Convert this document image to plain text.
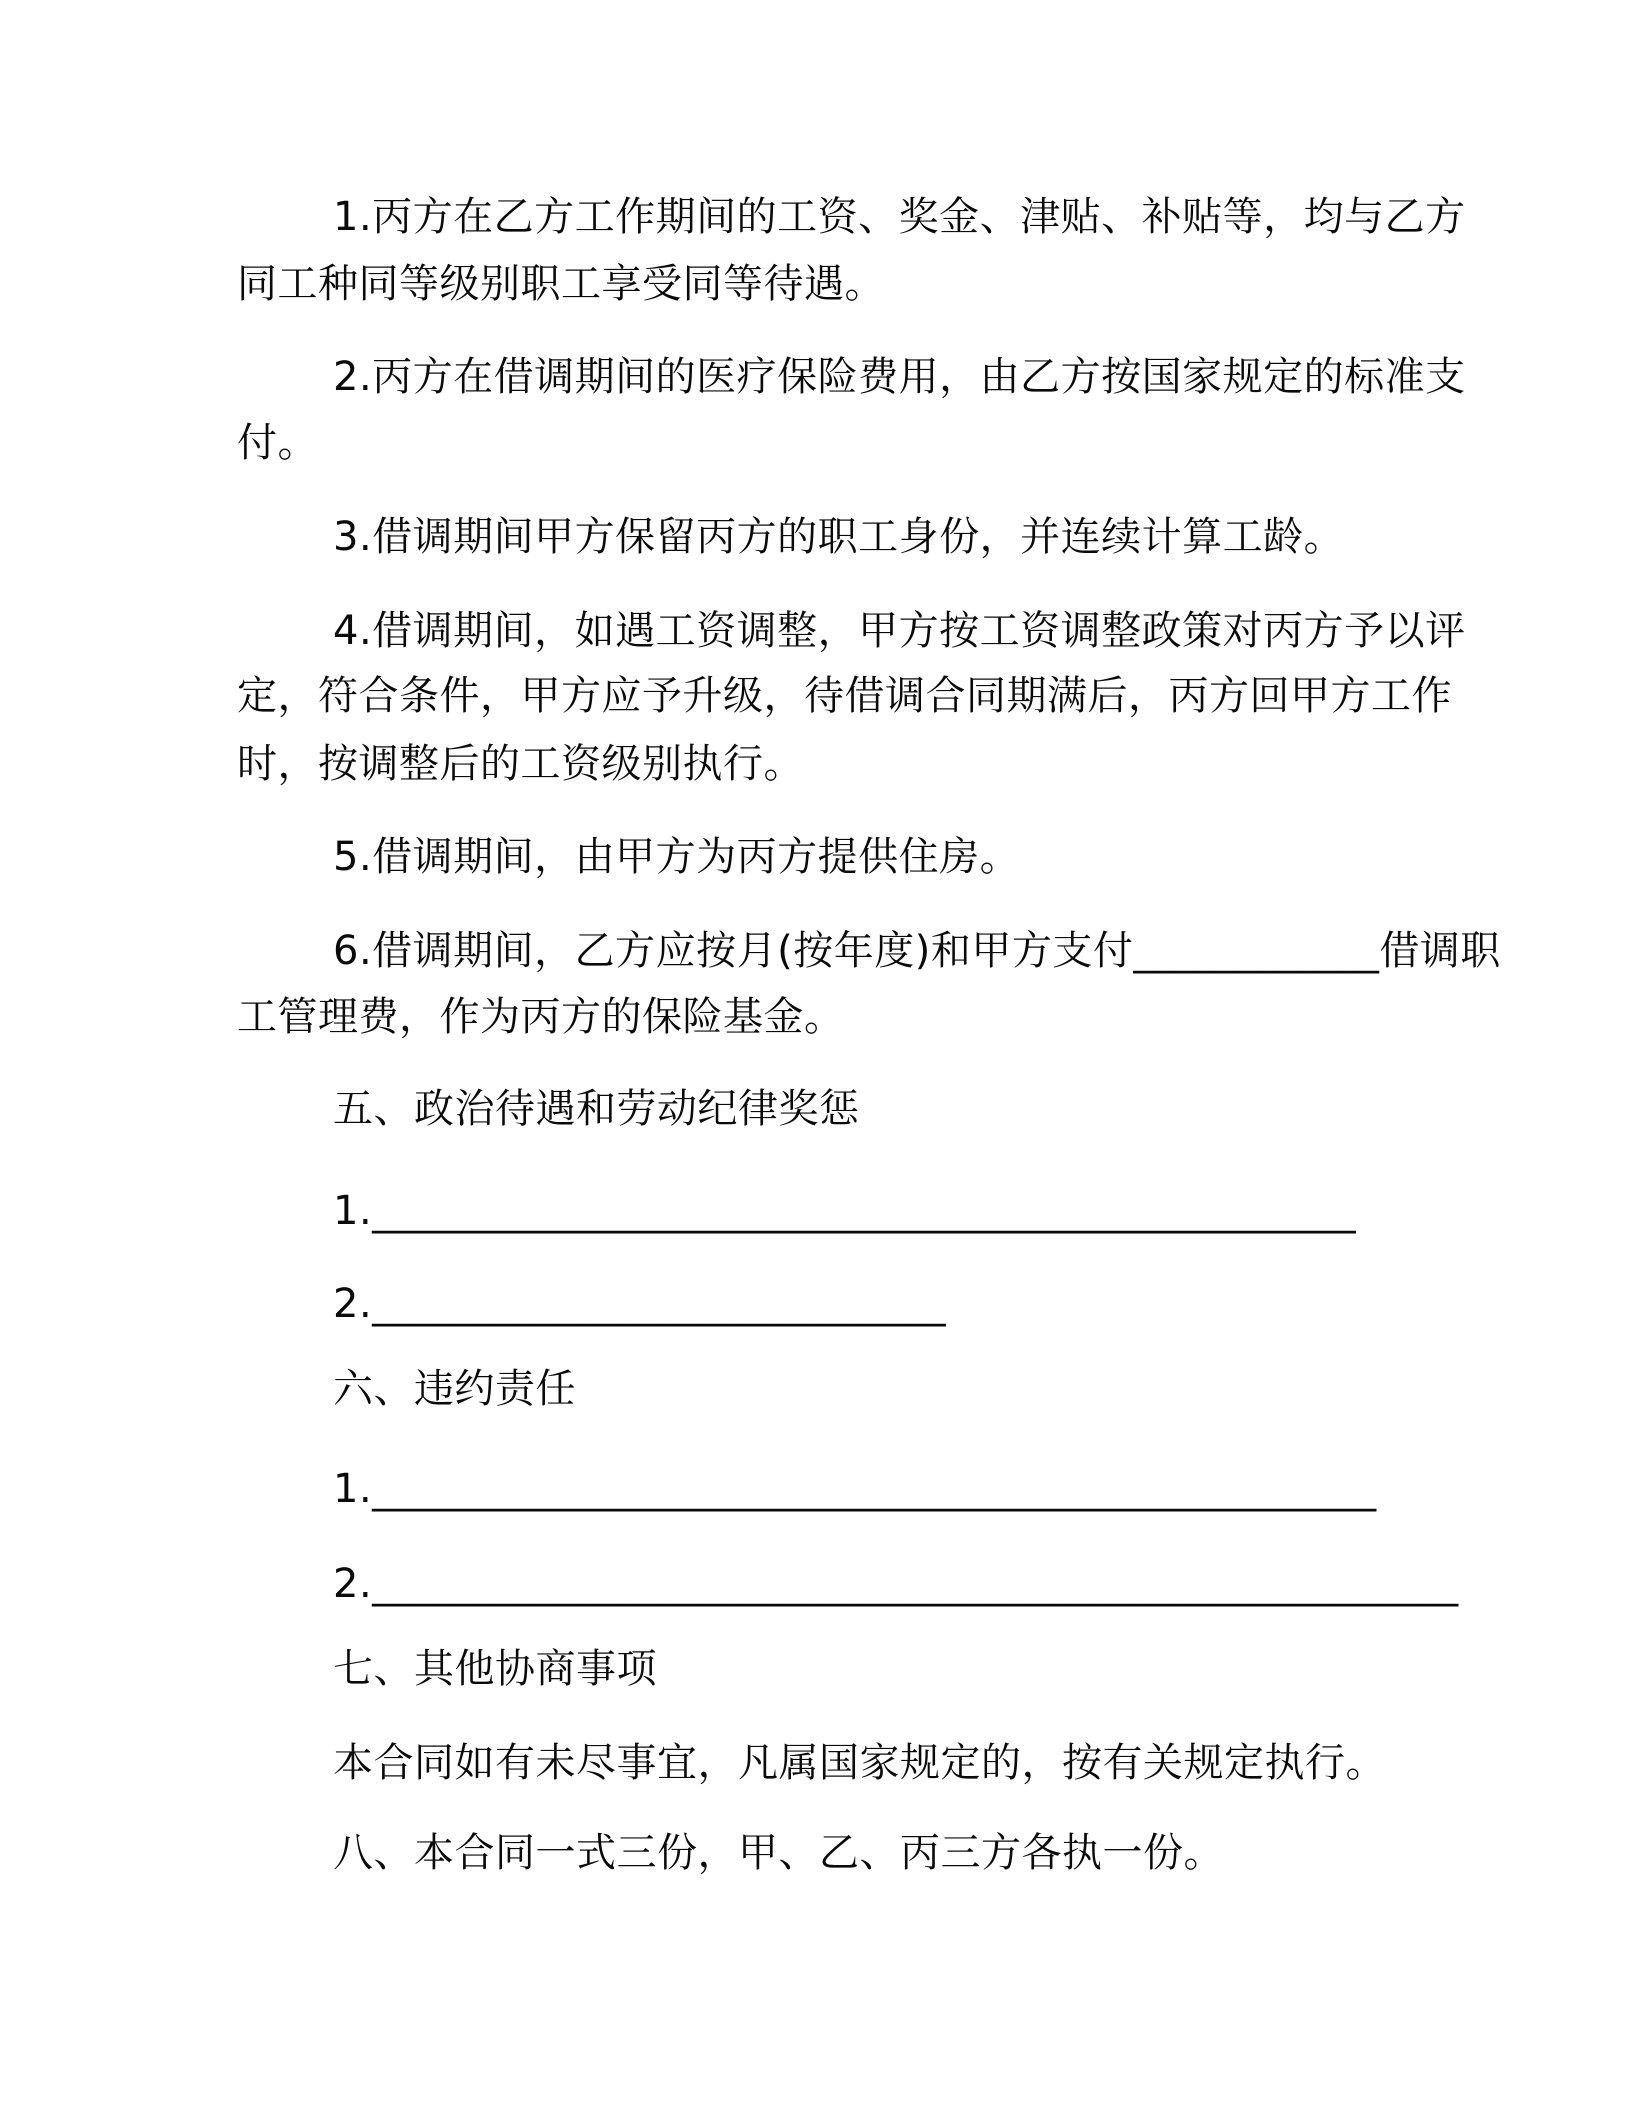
1.丙方在乙方工作期间的工资、奖金、津贴、补贴等，均与乙方
同工种同等级别职工享受同等待遇。
2.丙方在借调期间的医疗保险费用，由乙方按国家规定的标准支
付。
3.借调期间甲方保留丙方的职工身份，并连续计算工龄。
4.借调期间，如遇工资调整，甲方按工资调整政策对丙方予以评
定，符合条件，甲方应予升级，待借调合同期满后，丙方回甲方工作
时，按调整后的工资级别执行。
5.借调期间，由甲方为丙方提供住房。
6.借调期间，乙方应按月(按年度)和甲方支付____________借调职
工管理费，作为丙方的保险基金。
五、政治待遇和劳动纪律奖惩
1.________________________________________________
2.____________________________
六、违约责任
1._________________________________________________
2._____________________________________________________
七、其他协商事项
本合同如有未尽事宜，凡属国家规定的，按有关规定执行。
八、本合同一式三份，甲、乙、丙三方各执一份。
